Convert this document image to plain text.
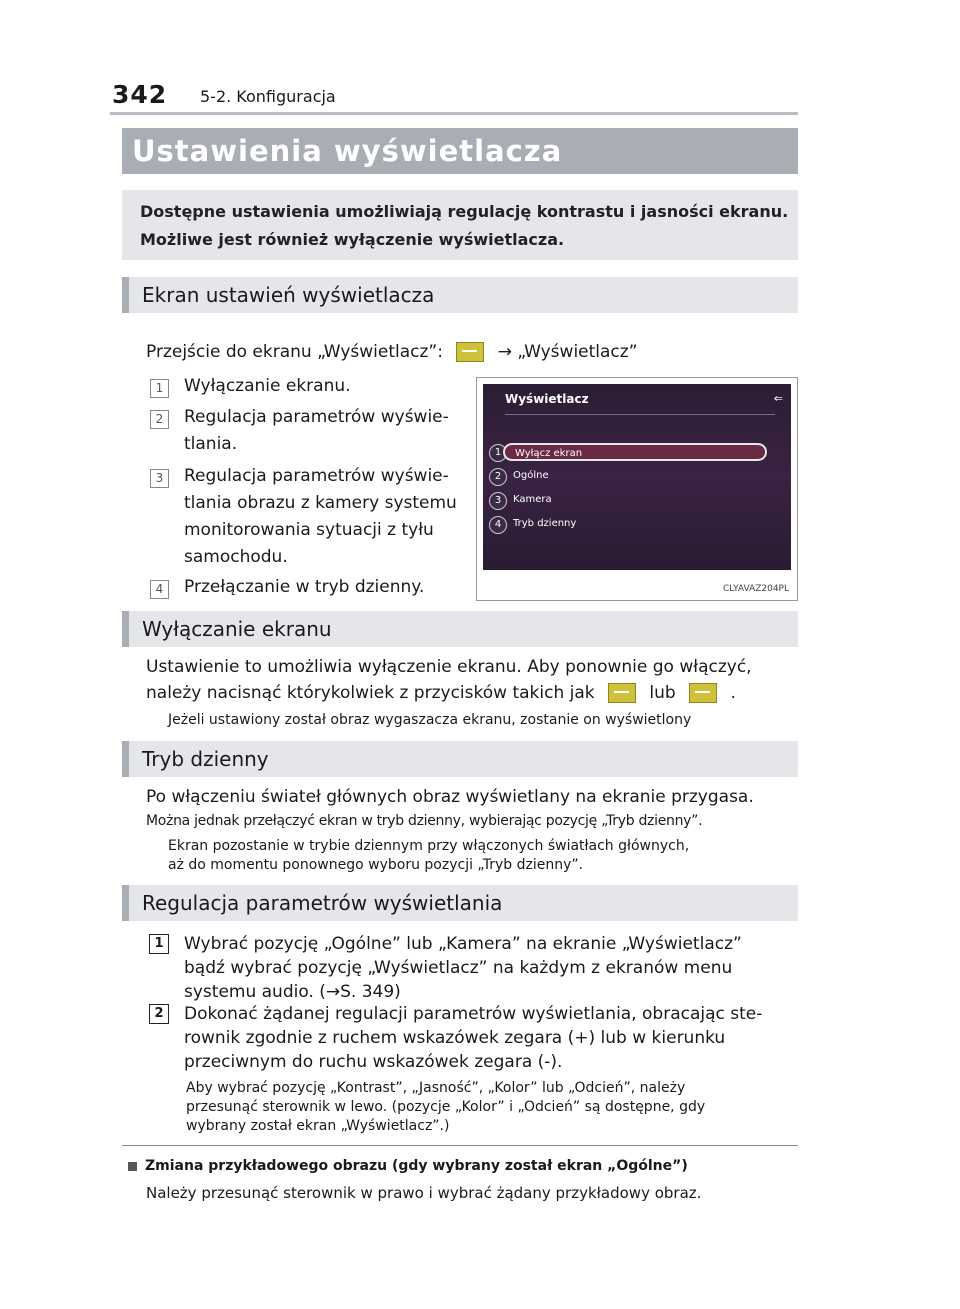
342 5-2. Konfiguracja
Ustawienia wyświetlacza
Dostępne ustawienia umożliwiają regulację kontrastu i jasności ekranu.
Możliwe jest również wyłączenie wyświetlacza.
Ekran ustawień wyświetlacza
Przejście do ekranu „Wyświetlacz”:	→ „Wyświetlacz”
1	Wyłączanie ekranu.
2	Regulacja parametrów wyświe-
tlania.
3	Regulacja parametrów wyświe-
tlania obrazu z kamery systemu
monitorowania sytuacji z tyłu
samochodu.
4	Przełączanie w tryb dzienny.
Wyświetlacz	⇐
1	Wyłącz ekran
2	Ogólne
3	Kamera
4	Tryb dzienny
CLYAVAZ204PL
Wyłączanie ekranu
Ustawienie to umożliwia wyłączenie ekranu. Aby ponownie go włączyć,
należy nacisnąć którykolwiek z przycisków takich jak	lub	.
Jeżeli ustawiony został obraz wygaszacza ekranu, zostanie on wyświetlony
Tryb dzienny
Po włączeniu świateł głównych obraz wyświetlany na ekranie przygasa.
Można jednak przełączyć ekran w tryb dzienny, wybierając pozycję „Tryb dzienny”.
Ekran pozostanie w trybie dziennym przy włączonych światłach głównych,
aż do momentu ponownego wyboru pozycji „Tryb dzienny”.
Regulacja parametrów wyświetlania
1	Wybrać pozycję „Ogólne” lub „Kamera” na ekranie „Wyświetlacz”
bądź wybrać pozycję „Wyświetlacz” na każdym z ekranów menu
systemu audio. (→S. 349)
2	Dokonać żądanej regulacji parametrów wyświetlania, obracając ste-
rownik zgodnie z ruchem wskazówek zegara (+) lub w kierunku
przeciwnym do ruchu wskazówek zegara (-).
Aby wybrać pozycję „Kontrast”, „Jasność”, „Kolor” lub „Odcień”, należy
przesunąć sterownik w lewo. (pozycje „Kolor” i „Odcień” są dostępne, gdy
wybrany został ekran „Wyświetlacz”.)
Zmiana przykładowego obrazu (gdy wybrany został ekran „Ogólne”)
Należy przesunąć sterownik w prawo i wybrać żądany przykładowy obraz.
